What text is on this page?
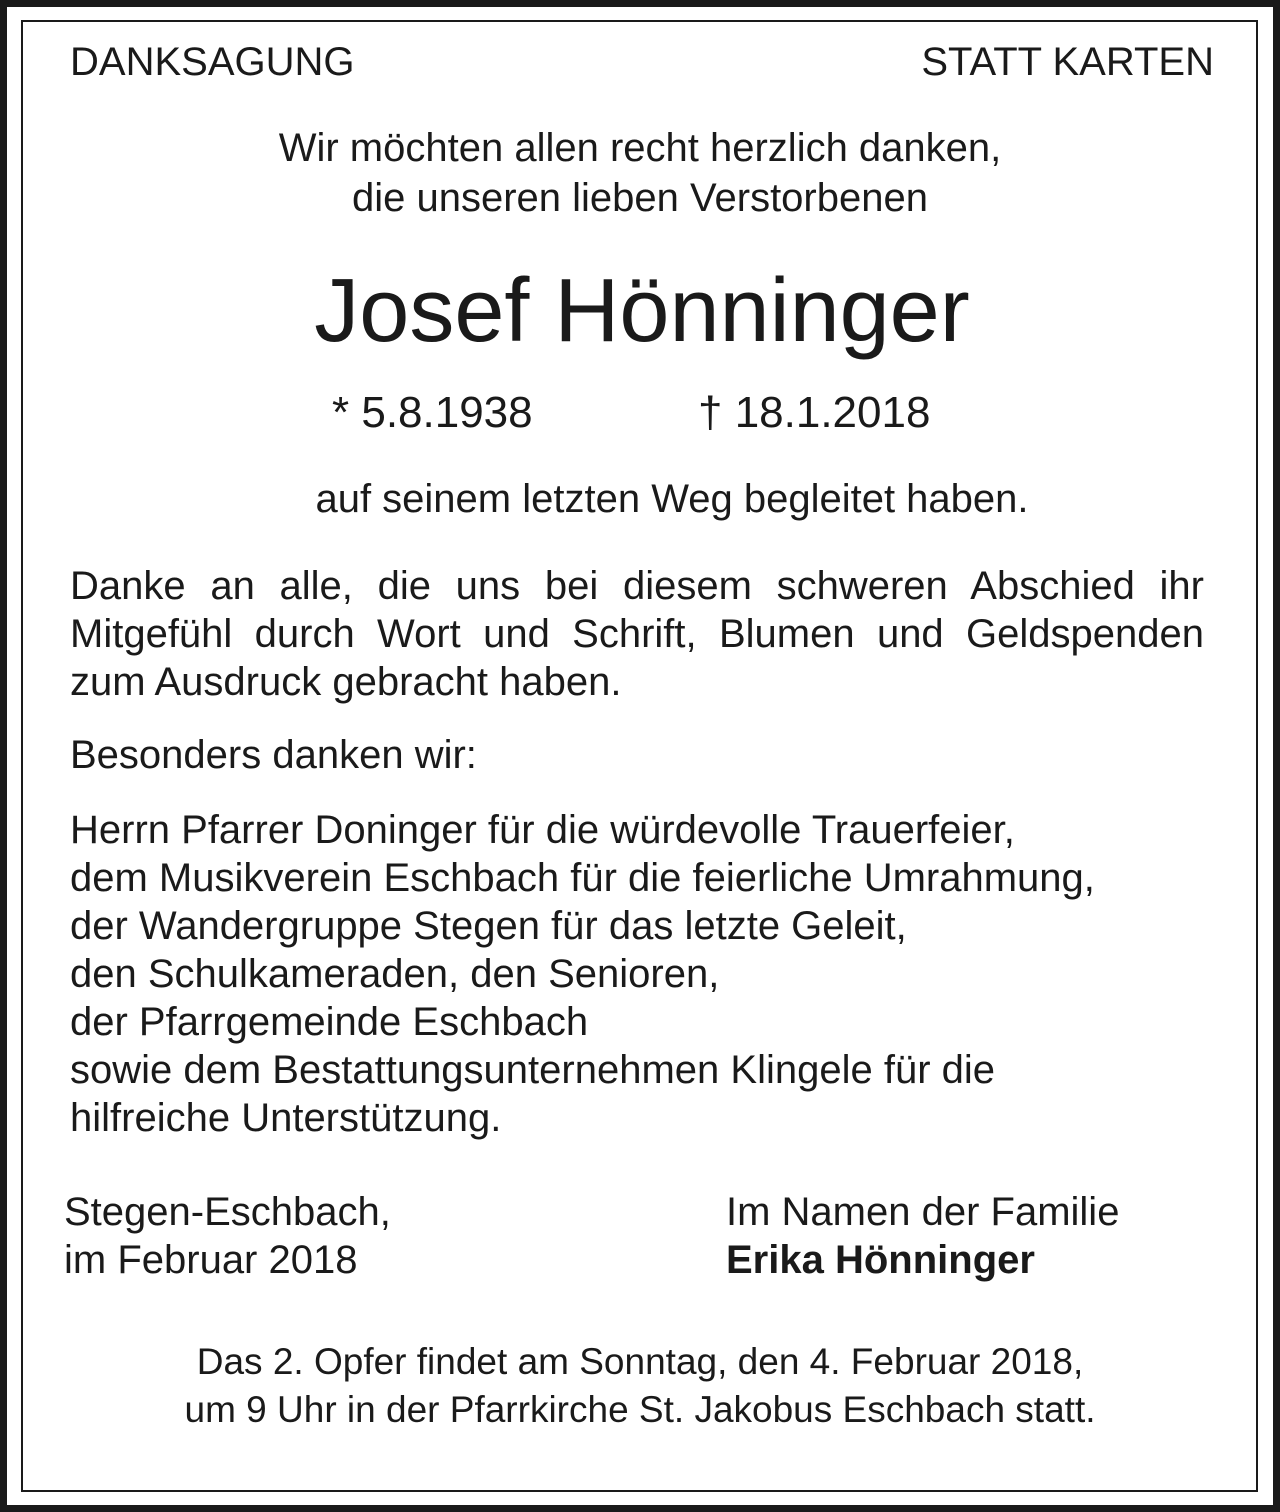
DANKSAGUNG	STATT KARTEN

Wir möchten allen recht herzlich danken,

die unseren lieben Verstorbenen

Josef Hönninger

* 5.8.1938	† 18.1.2018

auf seinem letzten Weg begleitet haben.

Danke an alle, die uns bei diesem schweren Abschied ihr Mitgefühl durch Wort und Schrift, Blumen und Geldspenden zum Ausdruck gebracht haben.

Besonders danken wir:

Herrn Pfarrer Doninger für die würdevolle Trauerfeier,
dem Musikverein Eschbach für die feierliche Umrahmung,
der Wandergruppe Stegen für das letzte Geleit,
den Schulkameraden, den Senioren,
der Pfarrgemeinde Eschbach
sowie dem Bestattungsunternehmen Klingele für die
hilfreiche Unterstützung.
Stegen-Eschbach,
im Februar 2018
Im Namen der Familie
Erika Hönninger

Das 2. Opfer findet am Sonntag, den 4. Februar 2018,

um 9 Uhr in der Pfarrkirche St. Jakobus Eschbach statt.
